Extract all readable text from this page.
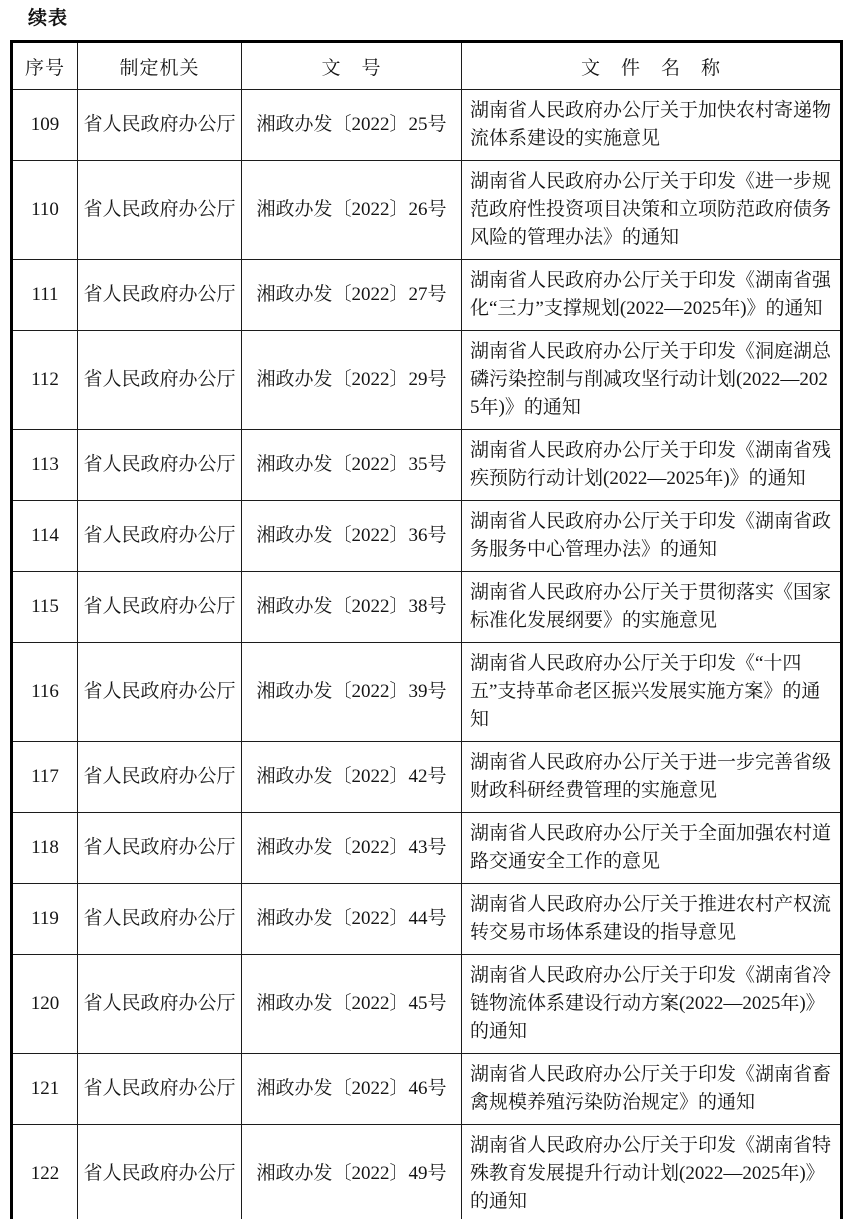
续表
序号	制定机关	文　号	文　件　名　称
109	省人民政府办公厅	湘政办发〔2022〕25号	湖南省人民政府办公厅关于加快农村寄递物流体系建设的实施意见
110	省人民政府办公厅	湘政办发〔2022〕26号	湖南省人民政府办公厅关于印发《进一步规范政府性投资项目决策和立项防范政府债务风险的管理办法》的通知
111	省人民政府办公厅	湘政办发〔2022〕27号	湖南省人民政府办公厅关于印发《湖南省强化“三力”支撑规划(2022—2025年)》的通知
112	省人民政府办公厅	湘政办发〔2022〕29号	湖南省人民政府办公厅关于印发《洞庭湖总磷污染控制与削减攻坚行动计划(2022—2025年)》的通知
113	省人民政府办公厅	湘政办发〔2022〕35号	湖南省人民政府办公厅关于印发《湖南省残疾预防行动计划(2022—2025年)》的通知
114	省人民政府办公厅	湘政办发〔2022〕36号	湖南省人民政府办公厅关于印发《湖南省政务服务中心管理办法》的通知
115	省人民政府办公厅	湘政办发〔2022〕38号	湖南省人民政府办公厅关于贯彻落实《国家标准化发展纲要》的实施意见
116	省人民政府办公厅	湘政办发〔2022〕39号	湖南省人民政府办公厅关于印发《“十四五”支持革命老区振兴发展实施方案》的通知
117	省人民政府办公厅	湘政办发〔2022〕42号	湖南省人民政府办公厅关于进一步完善省级财政科研经费管理的实施意见
118	省人民政府办公厅	湘政办发〔2022〕43号	湖南省人民政府办公厅关于全面加强农村道路交通安全工作的意见
119	省人民政府办公厅	湘政办发〔2022〕44号	湖南省人民政府办公厅关于推进农村产权流转交易市场体系建设的指导意见
120	省人民政府办公厅	湘政办发〔2022〕45号	湖南省人民政府办公厅关于印发《湖南省冷链物流体系建设行动方案(2022—2025年)》的通知
121	省人民政府办公厅	湘政办发〔2022〕46号	湖南省人民政府办公厅关于印发《湖南省畜禽规模养殖污染防治规定》的通知
122	省人民政府办公厅	湘政办发〔2022〕49号	湖南省人民政府办公厅关于印发《湖南省特殊教育发展提升行动计划(2022—2025年)》的通知
